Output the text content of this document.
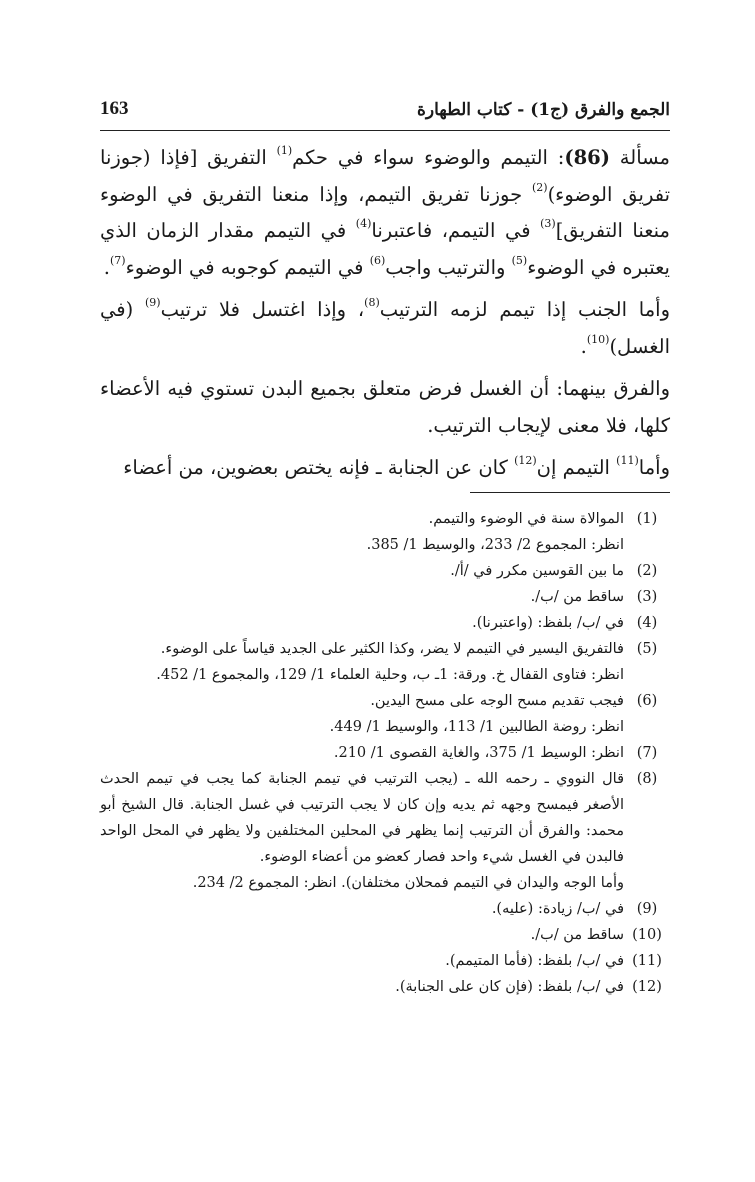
163	الجمع والفرق (ج1) - كتاب الطهارة

مسألة (86): التيمم والوضوء سواء في حكم$^{(1)}$ التفريق [فإذا (جوزنا تفريق الوضوء)$^{(2)}$ جوزنا تفريق التيمم، وإذا منعنا التفريق في الوضوء منعنا التفريق]$^{(3)}$ في التيمم، فاعتبرنا$^{(4)}$ في التيمم مقدار الزمان الذي يعتبره في الوضوء$^{(5)}$ والترتيب واجب$^{(6)}$ في التيمم كوجوبه في الوضوء$^{(7)}$.

وأما الجنب إذا تيمم لزمه الترتيب$^{(8)}$، وإذا اغتسل فلا ترتيب$^{(9)}$ (في الغسل)$^{(10)}$.

والفرق بينهما: أن الغسل فرض متعلق بجميع البدن تستوي فيه الأعضاء كلها، فلا معنى لإيجاب الترتيب.

وأما$^{(11)}$ التيمم إن$^{(12)}$ كان عن الجنابة ـ فإنه يختص بعضوين، من أعضاء

(1)
الموالاة سنة في الوضوء والتيمم.
انظر: المجموع 2/ 233، والوسيط 1/ 385.
(2)
ما بين القوسين مكرر في /أ/.
(3)
ساقط من /ب/.
(4)
في /ب/ بلفظ: (واعتبرنا).
(5)
فالتفريق اليسير في التيمم لا يضر، وكذا الكثير على الجديد قياساً على الوضوء.
انظر: فتاوى القفال خ. ورقة: 1ـ ب، وحلية العلماء 1/ 129، والمجموع 1/ 452.
(6)
فيجب تقديم مسح الوجه على مسح اليدين.
انظر: روضة الطالبين 1/ 113، والوسيط 1/ 449.
(7)
انظر: الوسيط 1/ 375، والغاية القصوى 1/ 210.
(8)
قال النووي ـ رحمه الله ـ (يجب الترتيب في تيمم الجنابة كما يجب في تيمم الحدث الأصغر فيمسح وجهه ثم يديه وإن كان لا يجب الترتيب في غسل الجنابة. قال الشيخ أبو محمد: والفرق أن الترتيب إنما يظهر في المحلين المختلفين ولا يظهر في المحل الواحد فالبدن في الغسل شيء واحد فصار كعضو من أعضاء الوضوء.
وأما الوجه واليدان في التيمم فمحلان مختلفان). انظر: المجموع 2/ 234.
(9)
في /ب/ زيادة: (عليه).
(10)
ساقط من /ب/.
(11)
في /ب/ بلفظ: (فأما المتيمم).
(12)
في /ب/ بلفظ: (فإن كان على الجنابة).
